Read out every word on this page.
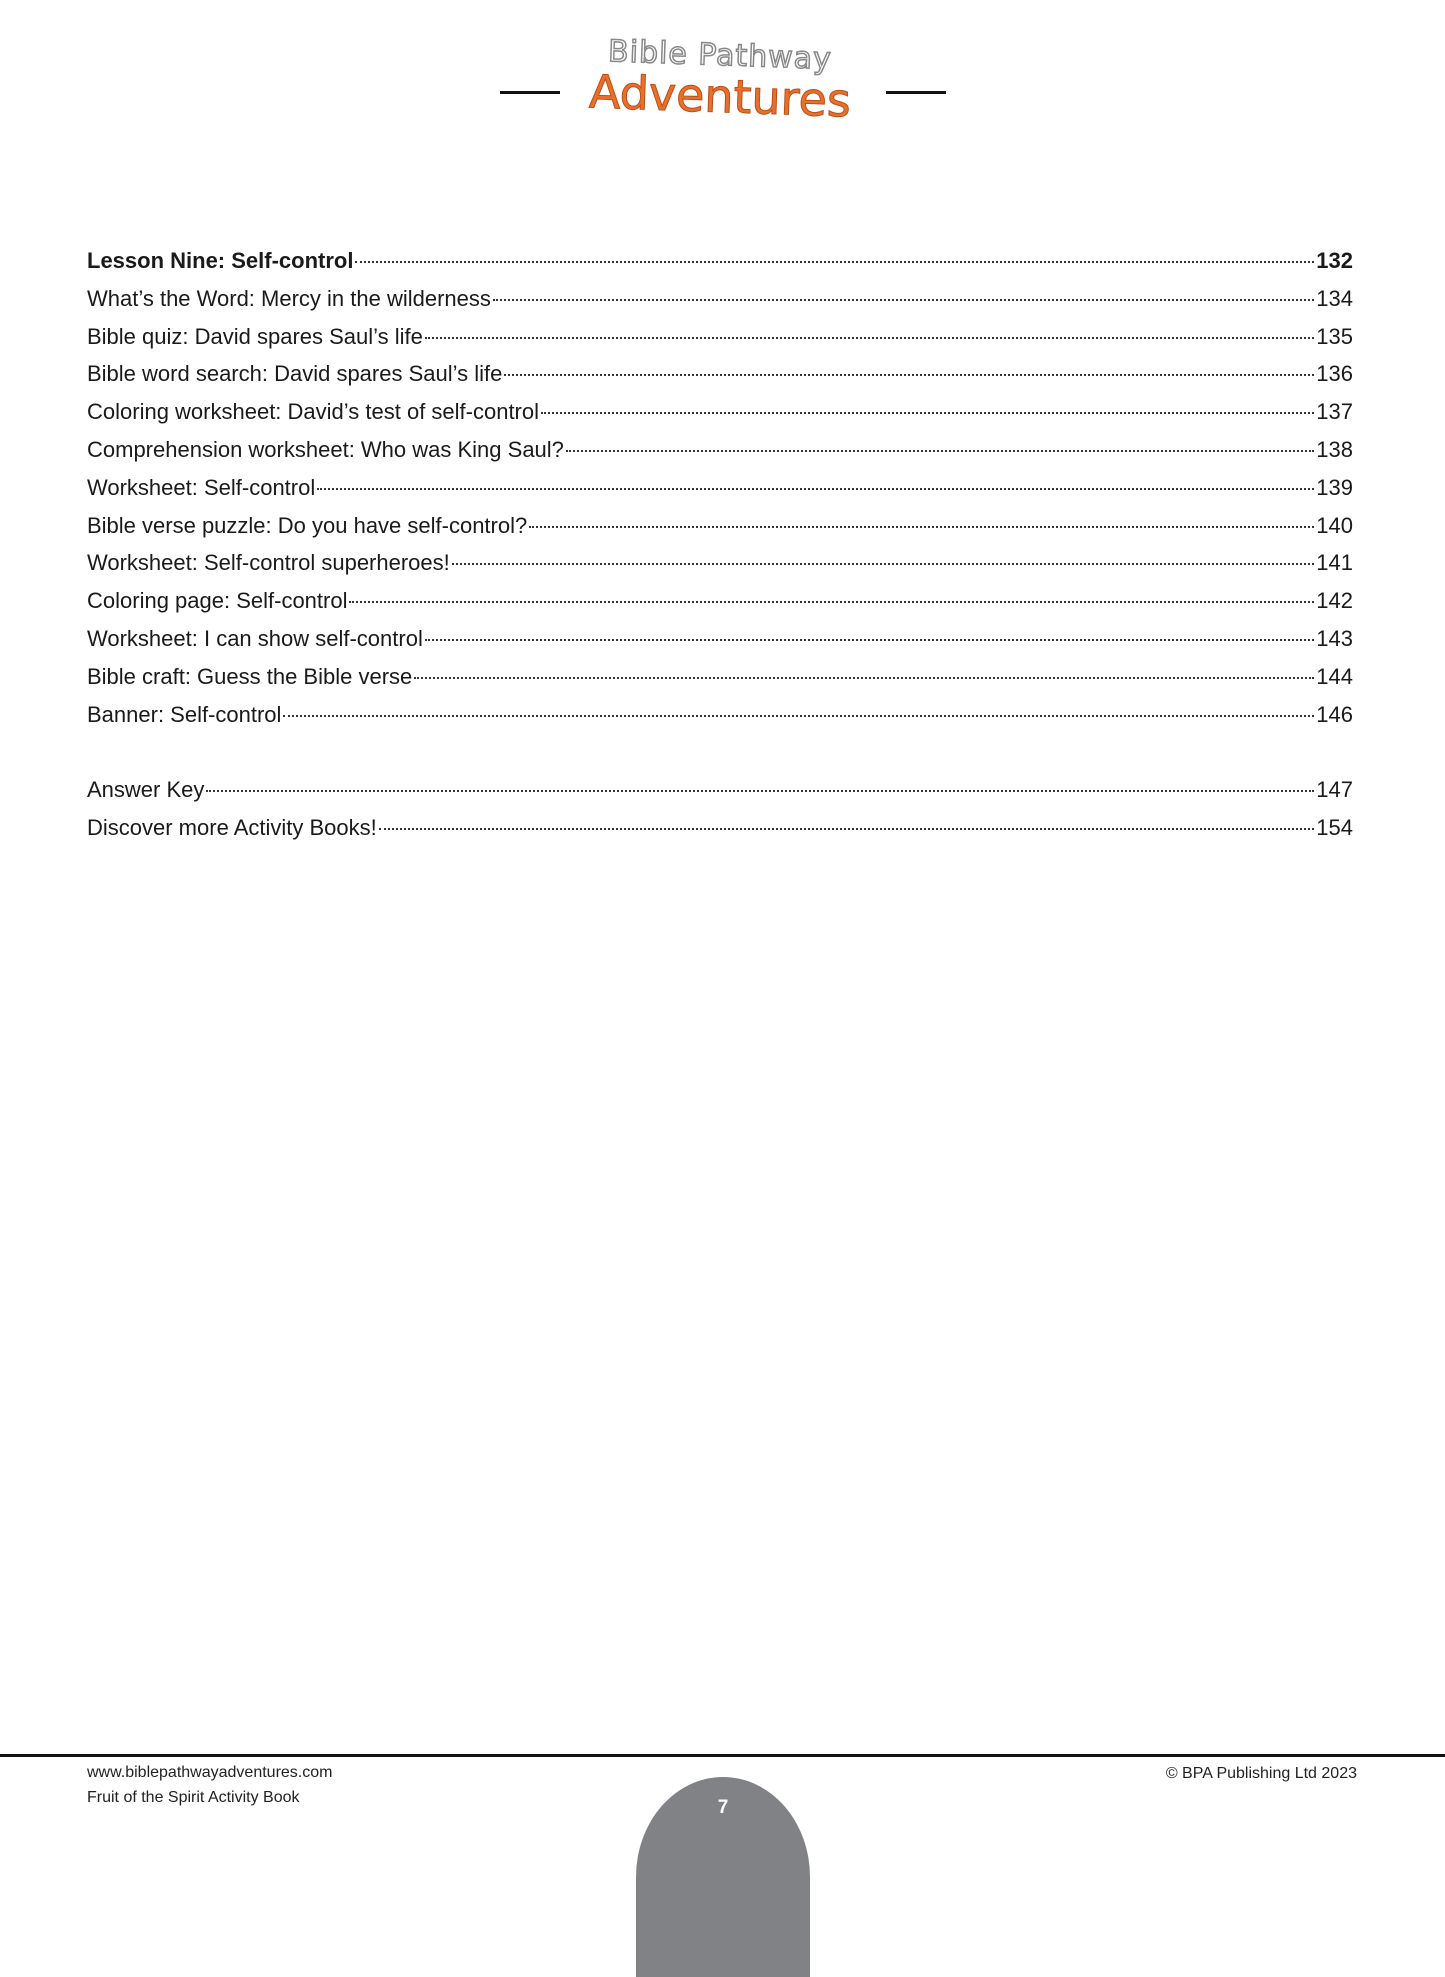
Bible Pathway
Adventures
Lesson Nine: Self-control	132
What’s the Word: Mercy in the wilderness	134
Bible quiz: David spares Saul’s life	135
Bible word search: David spares Saul’s life	136
Coloring worksheet: David’s test of self-control	137
Comprehension worksheet: Who was King Saul?	138
Worksheet: Self-control	139
Bible verse puzzle: Do you have self-control?	140
Worksheet: Self-control superheroes!	141
Coloring page: Self-control	142
Worksheet: I can show self-control	143
Bible craft: Guess the Bible verse	144
Banner: Self-control	146
Answer Key	147
Discover more Activity Books!	154
www.biblepathwayadventures.com
Fruit of the Spirit Activity Book
© BPA Publishing Ltd 2023
7
